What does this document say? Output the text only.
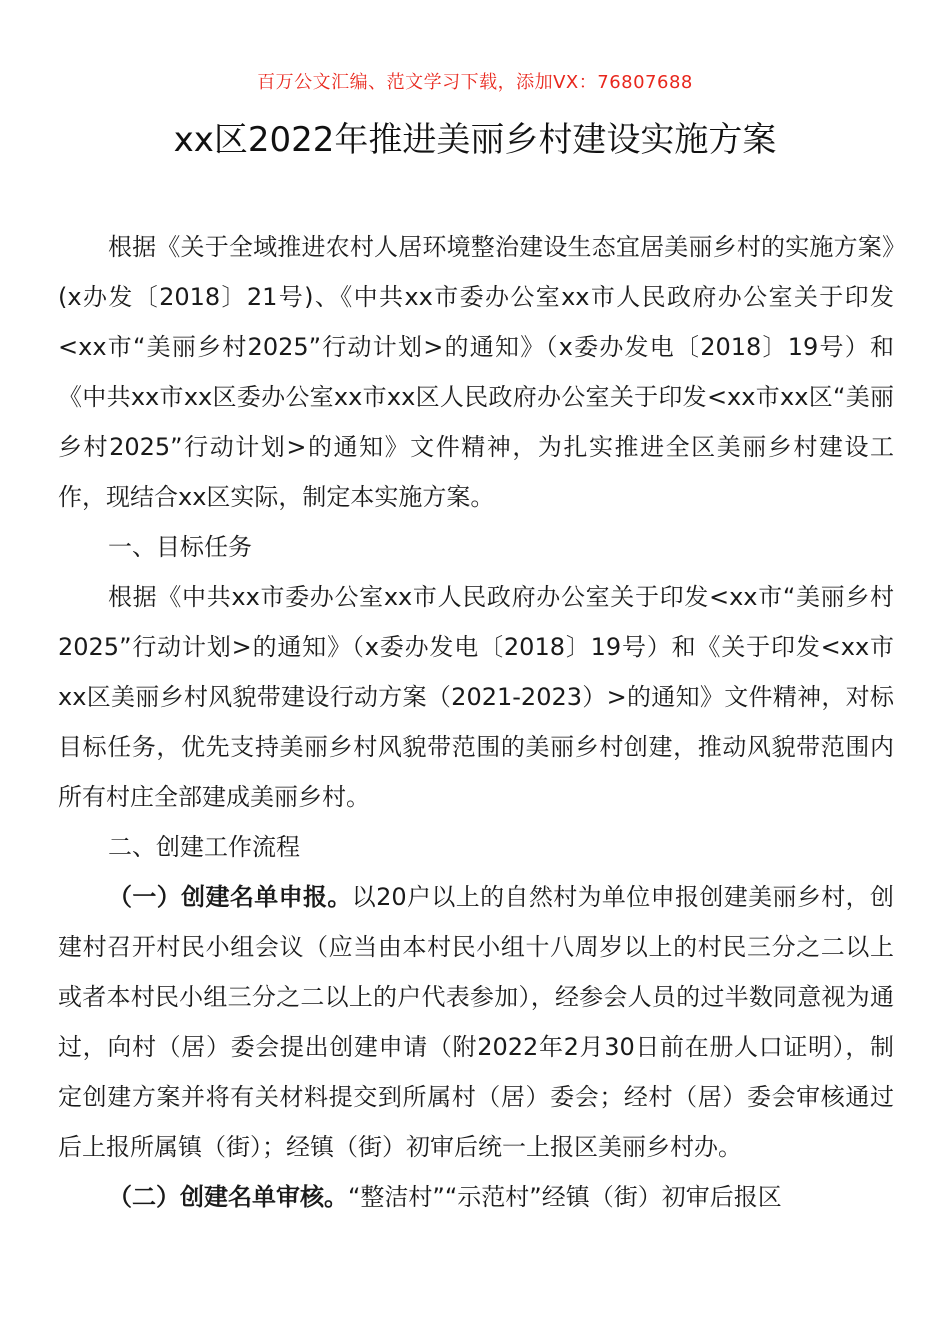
百万公文汇编、范文学习下载，添加VX：76807688
xx区2022年推进美丽乡村建设实施方案

根据《关于全域推进农村人居环境整治建设生态宜居美丽乡村的实施方案》(x办发〔2018〕21号)、《中共xx市委办公室xx市人民政府办公室关于印发<xx市“美丽乡村2025”行动计划>的通知》（x委办发电〔2018〕19号）和《中共xx市xx区委办公室xx市xx区人民政府办公室关于印发<xx市xx区“美丽乡村2025”行动计划>的通知》文件精神，为扎实推进全区美丽乡村建设工作，现结合xx区实际，制定本实施方案。

一、目标任务

根据《中共xx市委办公室xx市人民政府办公室关于印发<xx市“美丽乡村2025”行动计划>的通知》（x委办发电〔2018〕19号）和《关于印发<xx市xx区美丽乡村风貌带建设行动方案（2021-2023）>的通知》文件精神，对标目标任务，优先支持美丽乡村风貌带范围的美丽乡村创建，推动风貌带范围内所有村庄全部建成美丽乡村。

二、创建工作流程

（一）创建名单申报。以20户以上的自然村为单位申报创建美丽乡村，创建村召开村民小组会议（应当由本村民小组十八周岁以上的村民三分之二以上或者本村民小组三分之二以上的户代表参加），经参会人员的过半数同意视为通过，向村（居）委会提出创建申请（附2022年2月30日前在册人口证明），制定创建方案并将有关材料提交到所属村（居）委会；经村（居）委会审核通过后上报所属镇（街）；经镇（街）初审后统一上报区美丽乡村办。

（二）创建名单审核。“整洁村”“示范村”经镇（街）初审后报区
